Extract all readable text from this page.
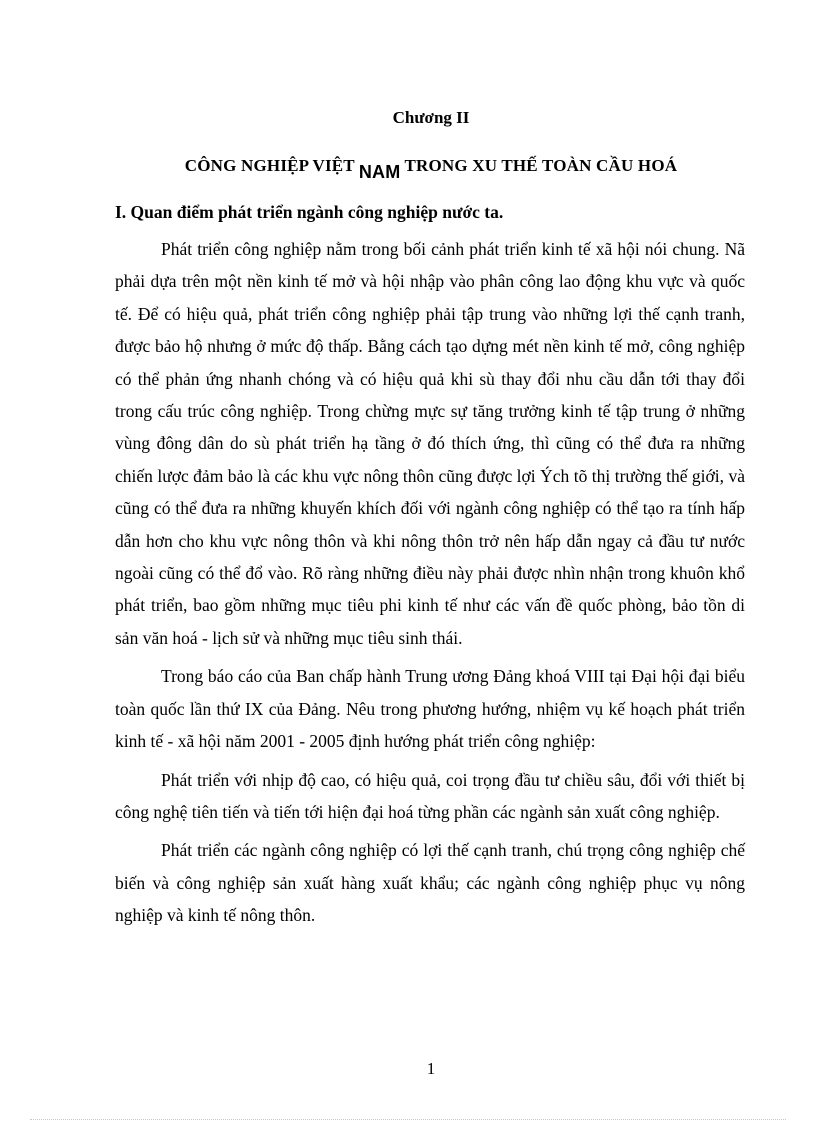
Chương II
CÔNG NGHIỆP VIỆT NAM TRONG XU THẾ TOÀN CẦU HOÁ
I. Quan điểm phát triển ngành công nghiệp nước ta.

Phát triển công nghiệp nằm trong bối cảnh phát triển kinh tế xã hội nói chung. Nã phải dựa trên một nền kinh tế mở và hội nhập vào phân công lao động khu vực và quốc tế. Để có hiệu quả, phát triển công nghiệp phải tập trung vào những lợi thế cạnh tranh, được bảo hộ nhưng ở mức độ thấp. Bằng cách tạo dựng mét nền kinh tế mở, công nghiệp có thể phản ứng nhanh chóng và có hiệu quả khi sù thay đổi nhu cầu dẫn tới thay đổi trong cấu trúc công nghiệp. Trong chừng mực sự tăng trưởng kinh tế tập trung ở những vùng đông dân do sù phát triển hạ tầng ở đó thích ứng, thì cũng có thể đưa ra những chiến lược đảm bảo là các khu vực nông thôn cũng được lợi Ých tõ thị trường thế giới, và cũng có thể đưa ra những khuyến khích đối với ngành công nghiệp có thể tạo ra tính hấp dẫn hơn cho khu vực nông thôn và khi nông thôn trở nên hấp dẫn ngay cả đầu tư nước ngoài cũng có thể đổ vào. Rõ ràng những điều này phải được nhìn nhận trong khuôn khổ phát triển, bao gồm những mục tiêu phi kinh tế như các vấn đề quốc phòng, bảo tồn di sản văn hoá - lịch sử và những mục tiêu sinh thái.

Trong báo cáo của Ban chấp hành Trung ương Đảng khoá VIII tại Đại hội đại biểu toàn quốc lần thứ IX của Đảng. Nêu trong phương hướng, nhiệm vụ kế hoạch phát triển kinh tế - xã hội năm 2001 - 2005 định hướng phát triển công nghiệp:

Phát triển với nhịp độ cao, có hiệu quả, coi trọng đầu tư chiều sâu, đổi với thiết bị công nghệ tiên tiến và tiến tới hiện đại hoá từng phần các ngành sản xuất công nghiệp.

Phát triển các ngành công nghiệp có lợi thế cạnh tranh, chú trọng công nghiệp chế biến và công nghiệp sản xuất hàng xuất khẩu; các ngành công nghiệp phục vụ nông nghiệp và kinh tế nông thôn.

1
